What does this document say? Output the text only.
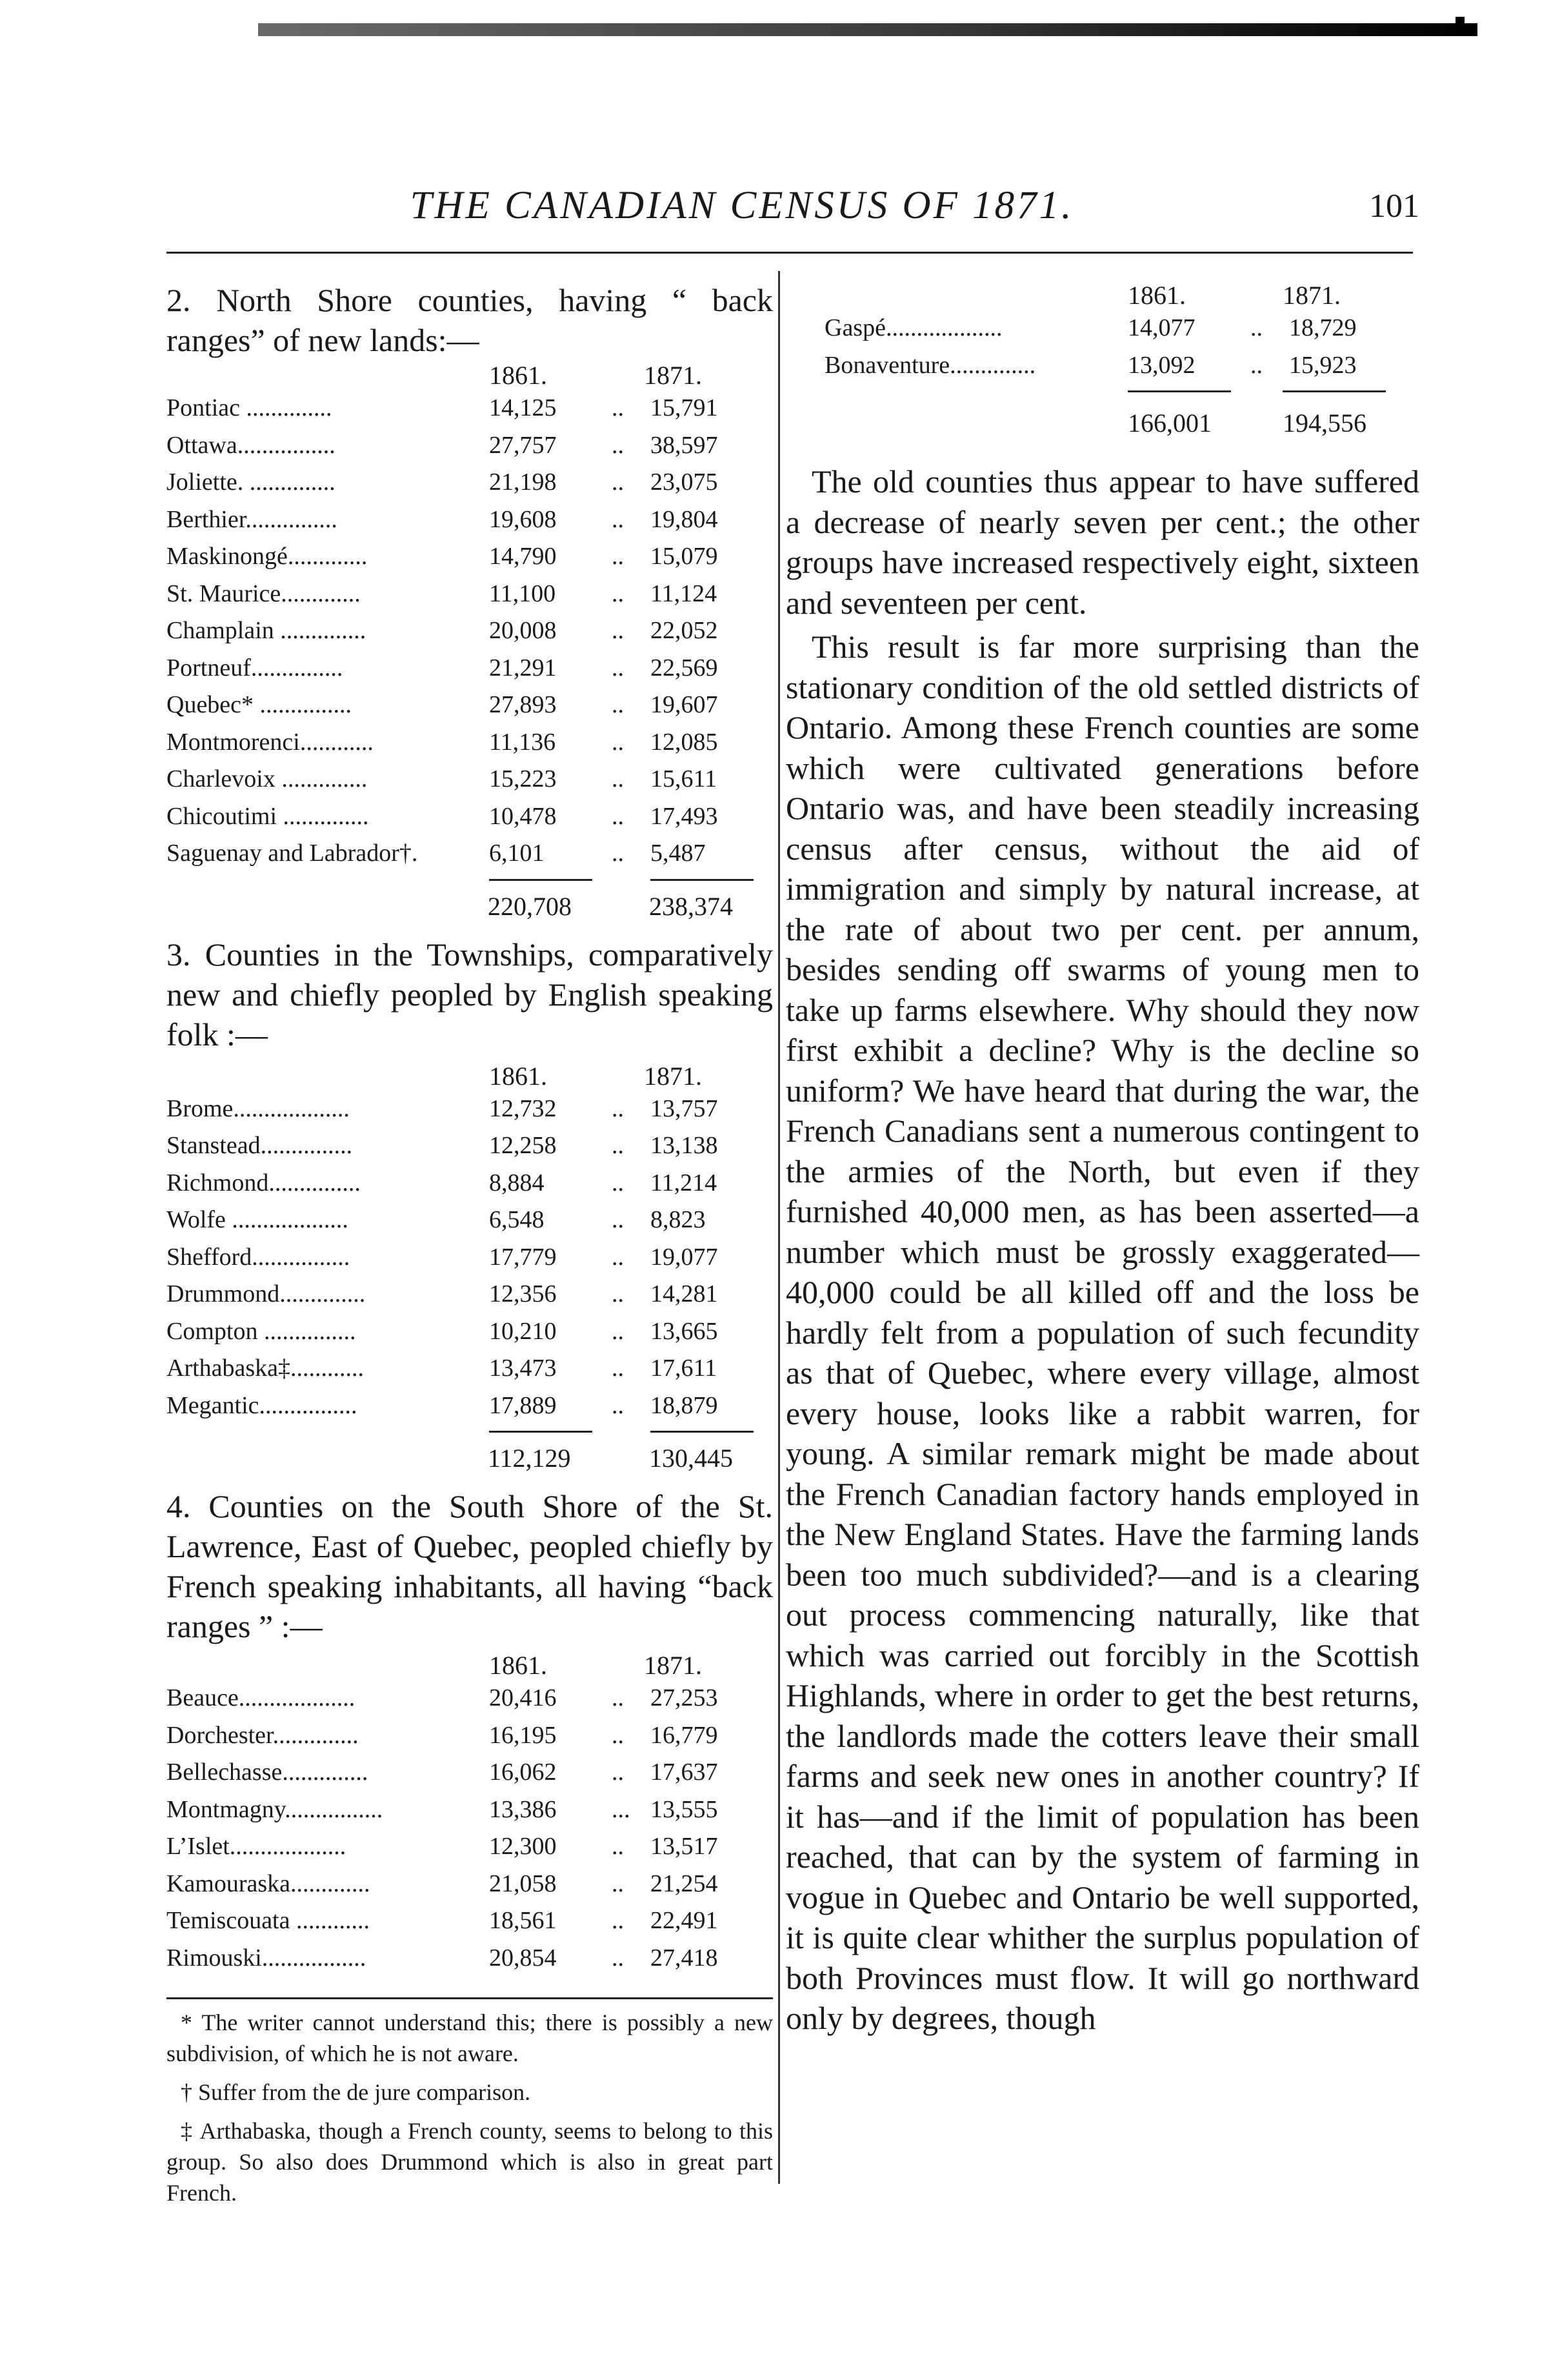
THE CANADIAN CENSUS OF 1871.	101

2. North Shore counties, having “ back ranges” of new lands:—

1861.	1871.
Pontiac ..............	14,125	..	15,791
Ottawa................	27,757	..	38,597
Joliette. ..............	21,198	..	23,075
Berthier...............	19,608	..	19,804
Maskinongé.............	14,790	..	15,079
St. Maurice.............	11,100	..	11,124
Champlain ..............	20,008	..	22,052
Portneuf...............	21,291	..	22,569
Quebec* ...............	27,893	..	19,607
Montmorenci............	11,136	..	12,085
Charlevoix ..............	15,223	..	15,611
Chicoutimi ..............	10,478	..	17,493
Saguenay and Labrador†.	6,101	..	5,487
220,708	238,374

3. Counties in the Townships, comparatively new and chiefly peopled by English speaking folk :—

1861.	1871.
Brome...................	12,732	..	13,757
Stanstead...............	12,258	..	13,138
Richmond...............	8,884	..	11,214
Wolfe ...................	6,548	..	8,823
Shefford................	17,779	..	19,077
Drummond..............	12,356	..	14,281
Compton ...............	10,210	..	13,665
Arthabaska‡............	13,473	..	17,611
Megantic................	17,889	..	18,879
112,129	130,445

4. Counties on the South Shore of the St. Lawrence, East of Quebec, peopled chiefly by French speaking inhabitants, all having “back ranges ” :—

1861.	1871.
Beauce...................	20,416	..	27,253
Dorchester..............	16,195	..	16,779
Bellechasse..............	16,062	..	17,637
Montmagny................	13,386	... 13,555
L’Islet...................	12,300	..	13,517
Kamouraska.............	21,058	..	21,254
Temiscouata ............	18,561	..	22,491
Rimouski.................	20,854	..	27,418

* The writer cannot understand this; there is possibly a new subdivision, of which he is not aware.

† Suffer from the de jure comparison.

‡ Arthabaska, though a French county, seems to belong to this group. So also does Drummond which is also in great part French.

1861.	1871.
Gaspé...................	14,077	..	18,729
Bonaventure..............	13,092	..	15,923
166,001	194,556

The old counties thus appear to have suffered a decrease of nearly seven per cent.; the other groups have increased respectively eight, sixteen and seventeen per cent.

This result is far more surprising than the stationary condition of the old settled districts of Ontario. Among these French counties are some which were cultivated generations before Ontario was, and have been steadily increasing census after census, without the aid of immigration and simply by natural increase, at the rate of about two per cent. per annum, besides sending off swarms of young men to take up farms elsewhere. Why should they now first exhibit a decline? Why is the decline so uniform? We have heard that during the war, the French Canadians sent a numerous contingent to the armies of the North, but even if they furnished 40,000 men, as has been asserted—a number which must be grossly exaggerated—40,000 could be all killed off and the loss be hardly felt from a population of such fecundity as that of Quebec, where every village, almost every house, looks like a rabbit warren, for young. A similar remark might be made about the French Canadian factory hands employed in the New England States. Have the farming lands been too much subdivided?—and is a clearing out process commencing naturally, like that which was carried out forcibly in the Scottish Highlands, where in order to get the best returns, the landlords made the cotters leave their small farms and seek new ones in another country? If it has—and if the limit of population has been reached, that can by the system of farming in vogue in Quebec and Ontario be well supported, it is quite clear whither the surplus population of both Provinces must flow. It will go northward only by degrees, though
